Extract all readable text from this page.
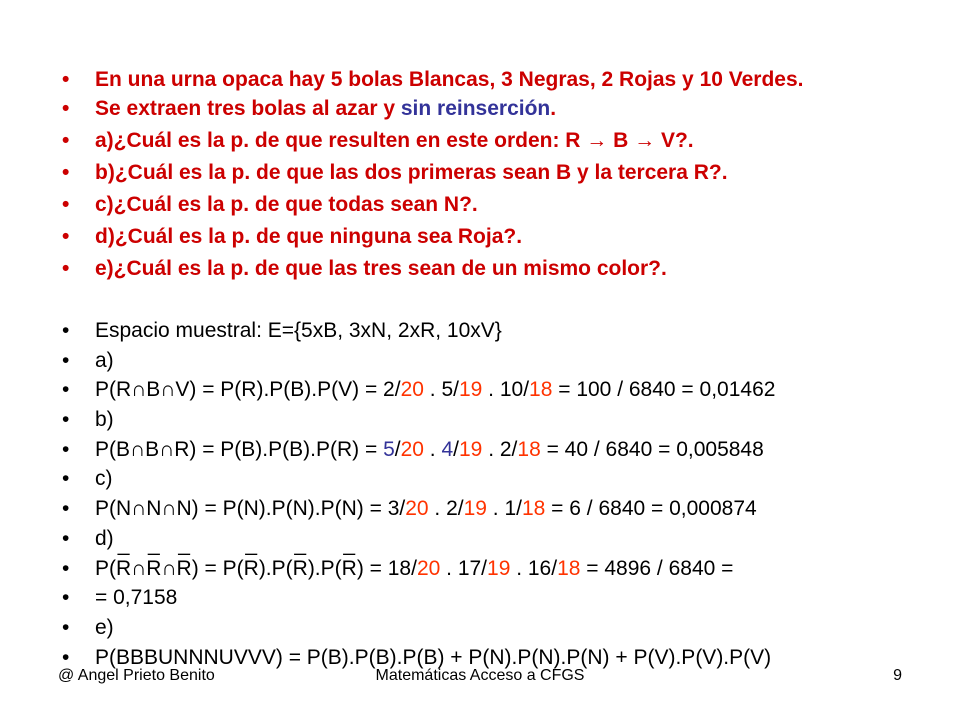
• En una urna opaca hay 5 bolas Blancas, 3 Negras, 2 Rojas y 10 Verdes.
• Se extraen tres bolas al azar y sin reinserción.
• a)¿Cuál es la p. de que resulten en este orden: R → B → V?.
• b)¿Cuál es la p. de que las dos primeras sean B y la tercera R?.
• c)¿Cuál es la p. de que todas sean N?.
• d)¿Cuál es la p. de que ninguna sea Roja?.
• e)¿Cuál es la p. de que las tres sean de un mismo color?.
• Espacio muestral: E={5xB, 3xN, 2xR, 10xV}
• a)
• P(R∩B∩V) = P(R).P(B).P(V) = 2/20 . 5/19 . 10/18 = 100 / 6840 = 0,01462
• b)
• P(B∩B∩R) = P(B).P(B).P(R) = 5/20 . 4/19 . 2/18 = 40 / 6840 = 0,005848
• c)
• P(N∩N∩N) = P(N).P(N).P(N) = 3/20 . 2/19 . 1/18 = 6 / 6840 = 0,000874
• d)
• P(
_
R∩
_
R∩
_
R) = P(
_
R).P(
_
R).P(
_
R) = 18/20 . 17/19 . 16/18 = 4896 / 6840 =
• = 0,7158
• e)
• P(BBBUNNNUVVV) = P(B).P(B).P(B) + P(N).P(N).P(N) + P(V).P(V).P(V)
@ Angel Prieto Benito	Matemáticas Acceso a CFGS	9
